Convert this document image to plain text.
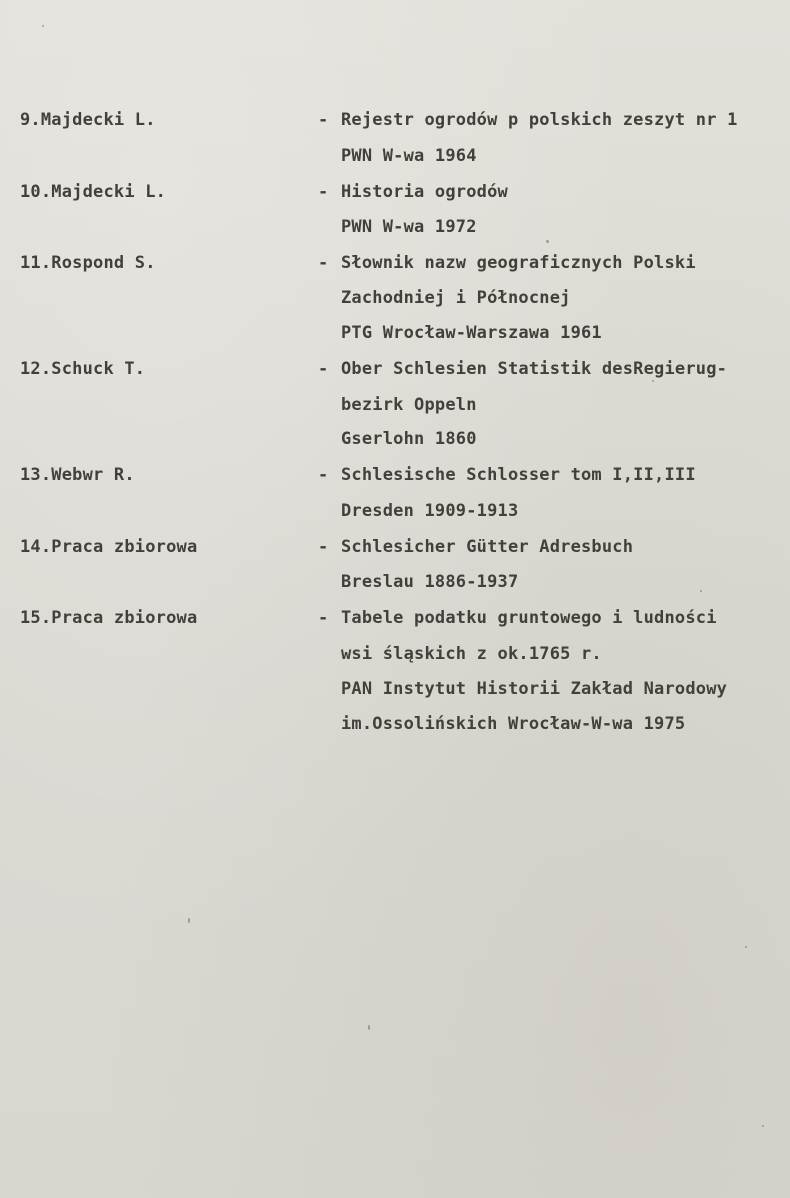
9.Majdecki L.	- Rejestr ogrodów p polskich zeszyt nr 1
PWN W-wa 1964
10.Majdecki L.	- Historia ogrodów
PWN W-wa 1972
11.Rospond S.	- Słownik nazw geograficznych Polski
Zachodniej i Północnej
PTG Wrocław-Warszawa 1961
12.Schuck T.	- Ober Schlesien Statistik desRegierug-
bezirk Oppeln
Gserlohn 1860
13.Webwr R.	- Schlesische Schlosser tom I,II,III
Dresden 1909-1913
14.Praca zbiorowa	- Schlesicher Gütter Adresbuch
Breslau 1886-1937
15.Praca zbiorowa	- Tabele podatku gruntowego i ludności
wsi śląskich z ok.1765 r.
PAN Instytut Historii Zakład Narodowy
im.Ossolińskich Wrocław-W-wa 1975
